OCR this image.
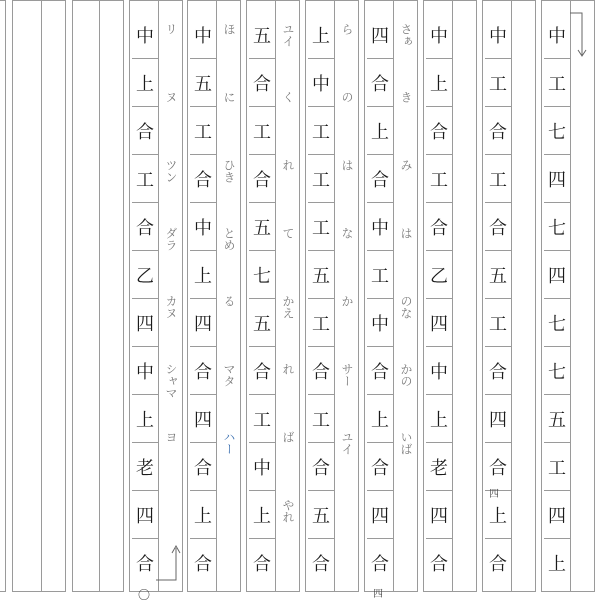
中
工
七
四
七
四
七
七
五
工
四
上
中
工
合
工
合
五
工
合
四
合
上
合
四
中
上
合
工
合
乙
四
中
上
老
四
合
さぁ
き
み
は
のな
かの
いば
四
合
上
合
中
工
中
合
上
合
四
合
四
ら
の
は
な
か
サー
ユイ
上
中
工
工
工
五
工
合
工
合
五
合
ユイ
く
れ
て
かえ
れ
ば
やれ
五
合
工
合
五
七
五
合
工
中
上
合
ほ
に
ひき
とめ
る
マタ
ハー
中
五
工
合
中
上
四
合
四
合
上
合
リ
ヌ
ツン
ダラ
カヌ
シャマ
ヨ
中
上
合
工
合
乙
四
中
上
老
四
合
〇
